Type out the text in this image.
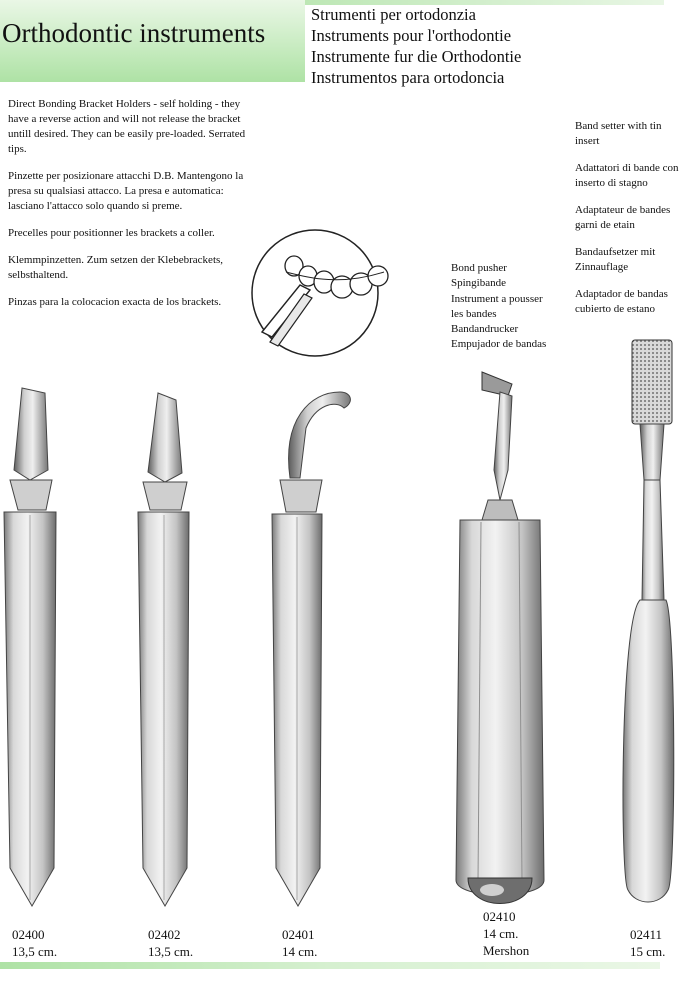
Orthodontic instruments
Strumenti per ortodonzia
Instruments pour l'orthodontie
Instrumente fur die Orthodontie
Instrumentos para ortodoncia

Direct Bonding Bracket Holders - self holding - they have a reverse action and will not release the bracket untill desired. They can be easily pre-loaded. Serrated tips.

Pinzette per posizionare attacchi D.B. Mantengono la presa su qualsiasi attacco. La presa e automatica: lasciano l'attacco solo quando si preme.

Precelles pour positionner les brackets a coller.

Klemmpinzetten. Zum setzen der Klebebrackets, selbsthaltend.

Pinzas para la colocacion exacta de los brackets.

Bond pusher
Spingibande
Instrument a pousser
les bandes
Bandandrucker
Empujador de bandas

Band setter with tin insert

Adattatori di bande con inserto di stagno

Adaptateur de bandes garni de etain

Bandaufsetzer mit Zinnauflage

Adaptador de bandas cubierto de estano

02400
13,5 cm.
02402
13,5 cm.
02401
14 cm.
02410
14 cm.
Mershon
02411
15 cm.
